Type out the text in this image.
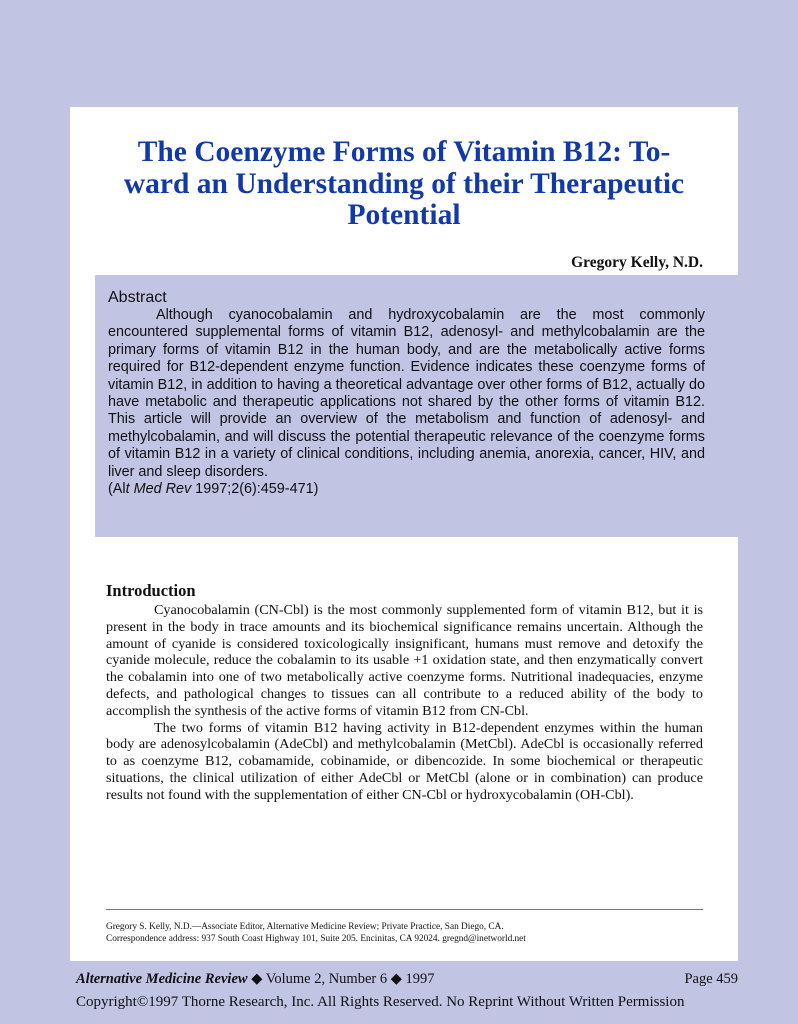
The Coenzyme Forms of Vitamin B12: To-
ward an Understanding of their Therapeutic
Potential

Gregory Kelly, N.D.

Abstract

Although cyanocobalamin and hydroxycobalamin are the most commonly encountered supplemental forms of vitamin B12, adenosyl- and methylcobalamin are the primary forms of vitamin B12 in the human body, and are the metabolically active forms required for B12-dependent enzyme function. Evidence indicates these coenzyme forms of vitamin B12, in addition to having a theoretical advantage over other forms of B12, actually do have metabolic and therapeutic applications not shared by the other forms of vitamin B12. This article will provide an overview of the metabolism and function of adenosyl- and methylcobalamin, and will discuss the potential therapeutic relevance of the coenzyme forms of vitamin B12 in a variety of clinical conditions, including anemia, anorexia, cancer, HIV, and liver and sleep disorders.

(Alt Med Rev 1997;2(6):459-471)
Introduction

Cyanocobalamin (CN-Cbl) is the most commonly supplemented form of vitamin B12, but it is present in the body in trace amounts and its biochemical significance remains uncertain. Although the amount of cyanide is considered toxicologically insignificant, humans must remove and detoxify the cyanide molecule, reduce the cobalamin to its usable +1 oxidation state, and then enzymatically convert the cobalamin into one of two metabolically active coenzyme forms. Nutritional inadequacies, enzyme defects, and pathological changes to tissues can all contribute to a reduced ability of the body to accomplish the synthesis of the active forms of vitamin B12 from CN-Cbl.

The two forms of vitamin B12 having activity in B12-dependent enzymes within the human body are adenosylcobalamin (AdeCbl) and methylcobalamin (MetCbl). AdeCbl is occasionally referred to as coenzyme B12, cobamamide, cobinamide, or dibencozide. In some biochemical or therapeutic situations, the clinical utilization of either AdeCbl or MetCbl (alone or in combination) can produce results not found with the supplementation of either CN-Cbl or hydroxycobalamin (OH-Cbl).

Gregory S. Kelly, N.D.—Associate Editor, Alternative Medicine Review; Private Practice, San Diego, CA.
Correspondence address: 937 South Coast Highway 101, Suite 205. Encinitas, CA 92024. gregnd@inetworld.net
Alternative Medicine Review ◆ Volume 2, Number 6 ◆ 1997	Page 459
Copyright©1997 Thorne Research, Inc. All Rights Reserved. No Reprint Without Written Permission
